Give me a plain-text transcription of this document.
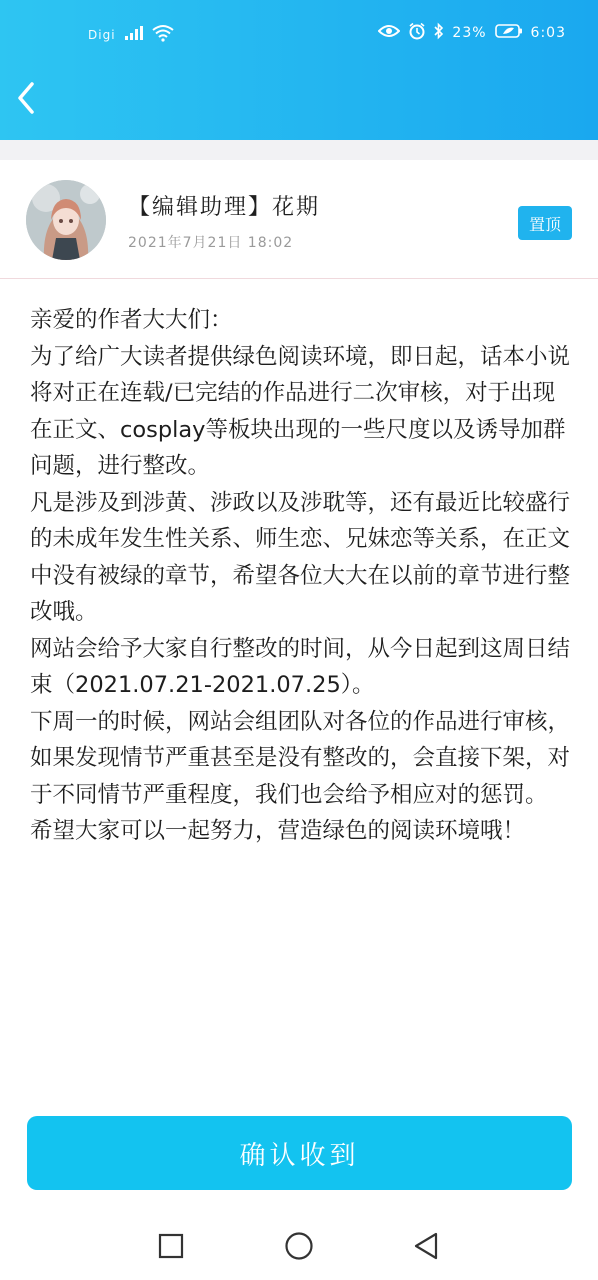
Digi	23%	6:03
【编辑助理】花期
2021年7月21日 18:02
置顶

亲爱的作者大大们：

为了给广大读者提供绿色阅读环境，即日起，话本小说将对正在连载/已完结的作品进行二次审核，对于出现在正文、cosplay等板块出现的一些尺度以及诱导加群问题，进行整改。

凡是涉及到涉黄、涉政以及涉耽等，还有最近比较盛行的未成年发生性关系、师生恋、兄妹恋等关系，在正文中没有被绿的章节，希望各位大大在以前的章节进行整改哦。

网站会给予大家自行整改的时间，从今日起到这周日结束（2021.07.21-2021.07.25）。

下周一的时候，网站会组团队对各位的作品进行审核，如果发现情节严重甚至是没有整改的，会直接下架，对于不同情节严重程度，我们也会给予相应对的惩罚。

希望大家可以一起努力，营造绿色的阅读环境哦！

确认收到
